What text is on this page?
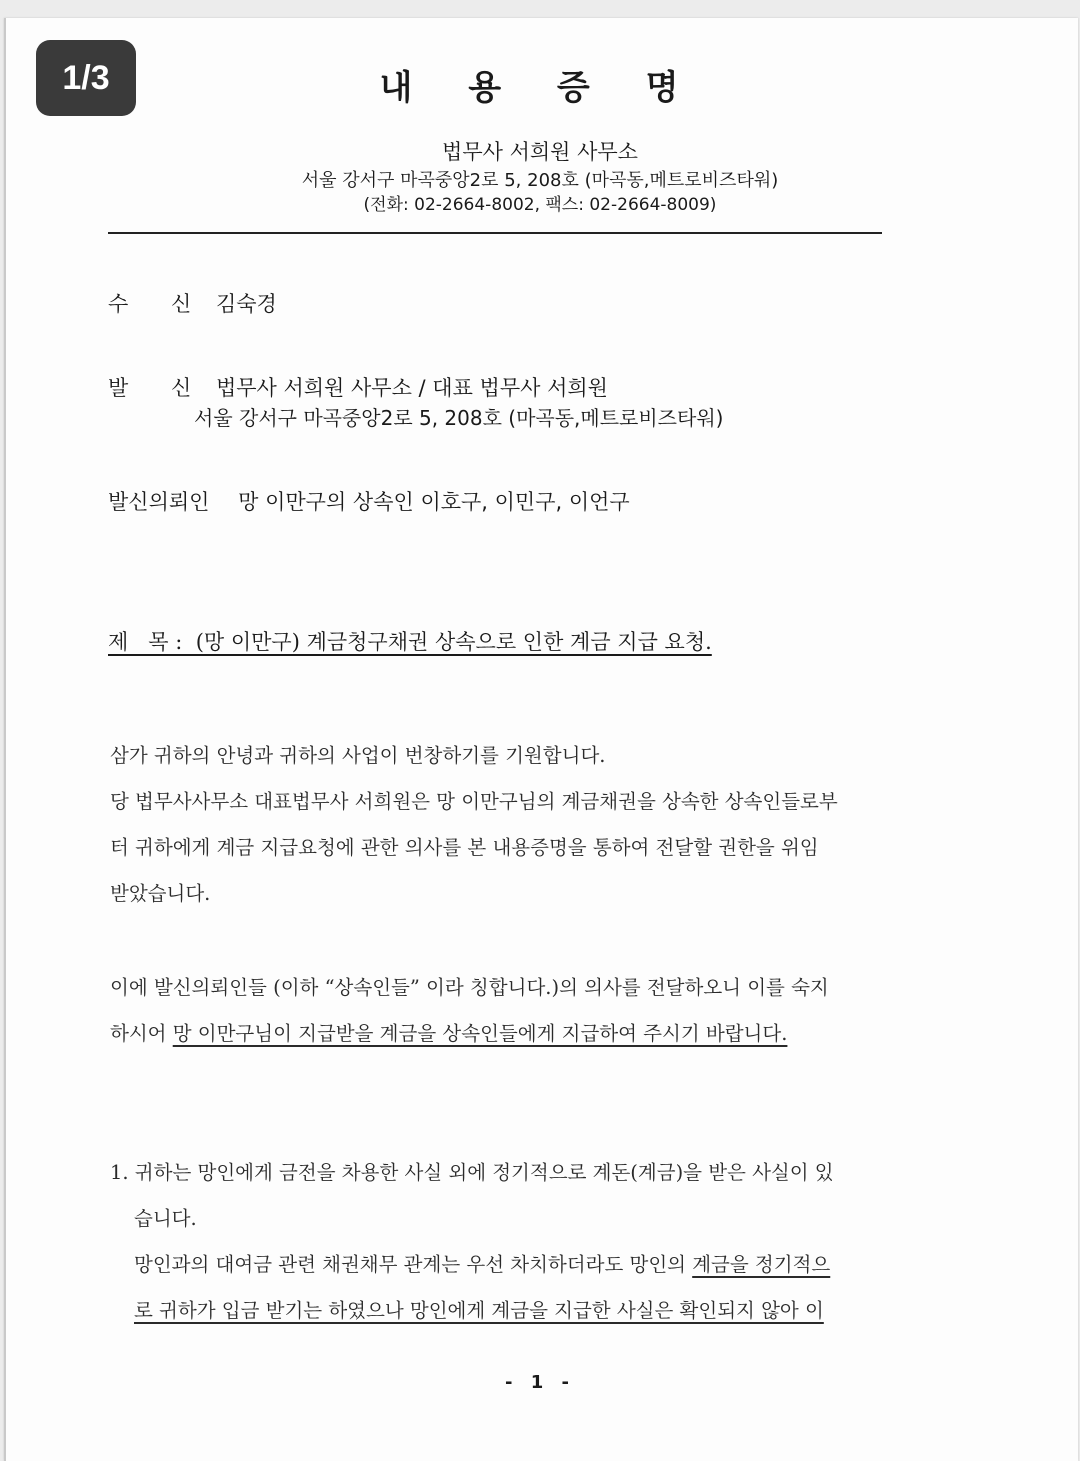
1/3	내 용 증 명
법무사 서희원 사무소
서울 강서구 마곡중앙2로 5, 208호 (마곡동,메트로비즈타워)
(전화: 02-2664-8002, 팩스: 02-2664-8009)
수 신 김숙경
발 신 법무사 서희원 사무소 / 대표 법무사 서희원
서울 강서구 마곡중앙2로 5, 208호 (마곡동,메트로비즈타워)
발신의뢰인 망 이만구의 상속인 이호구, 이민구, 이언구
제   목 :  (망 이만구) 계금청구채권 상속으로 인한 계금 지급 요청.
삼가 귀하의 안녕과 귀하의 사업이 번창하기를 기원합니다.
당 법무사사무소 대표법무사 서희원은 망 이만구님의 계금채권을 상속한 상속인들로부
터 귀하에게 계금 지급요청에 관한 의사를 본 내용증명을 통하여 전달할 권한을 위임
받았습니다.
이에 발신의뢰인들 (이하 “상속인들” 이라 칭합니다.)의 의사를 전달하오니 이를 숙지
하시어 망 이만구님이 지급받을 계금을 상속인들에게 지급하여 주시기 바랍니다.
1. 귀하는 망인에게 금전을 차용한 사실 외에 정기적으로 계돈(계금)을 받은 사실이 있
습니다.
망인과의 대여금 관련 채권채무 관계는 우선 차치하더라도 망인의 계금을 정기적으
로 귀하가 입금 받기는 하였으나 망인에게 계금을 지급한 사실은 확인되지 않아 이
- 1 -
